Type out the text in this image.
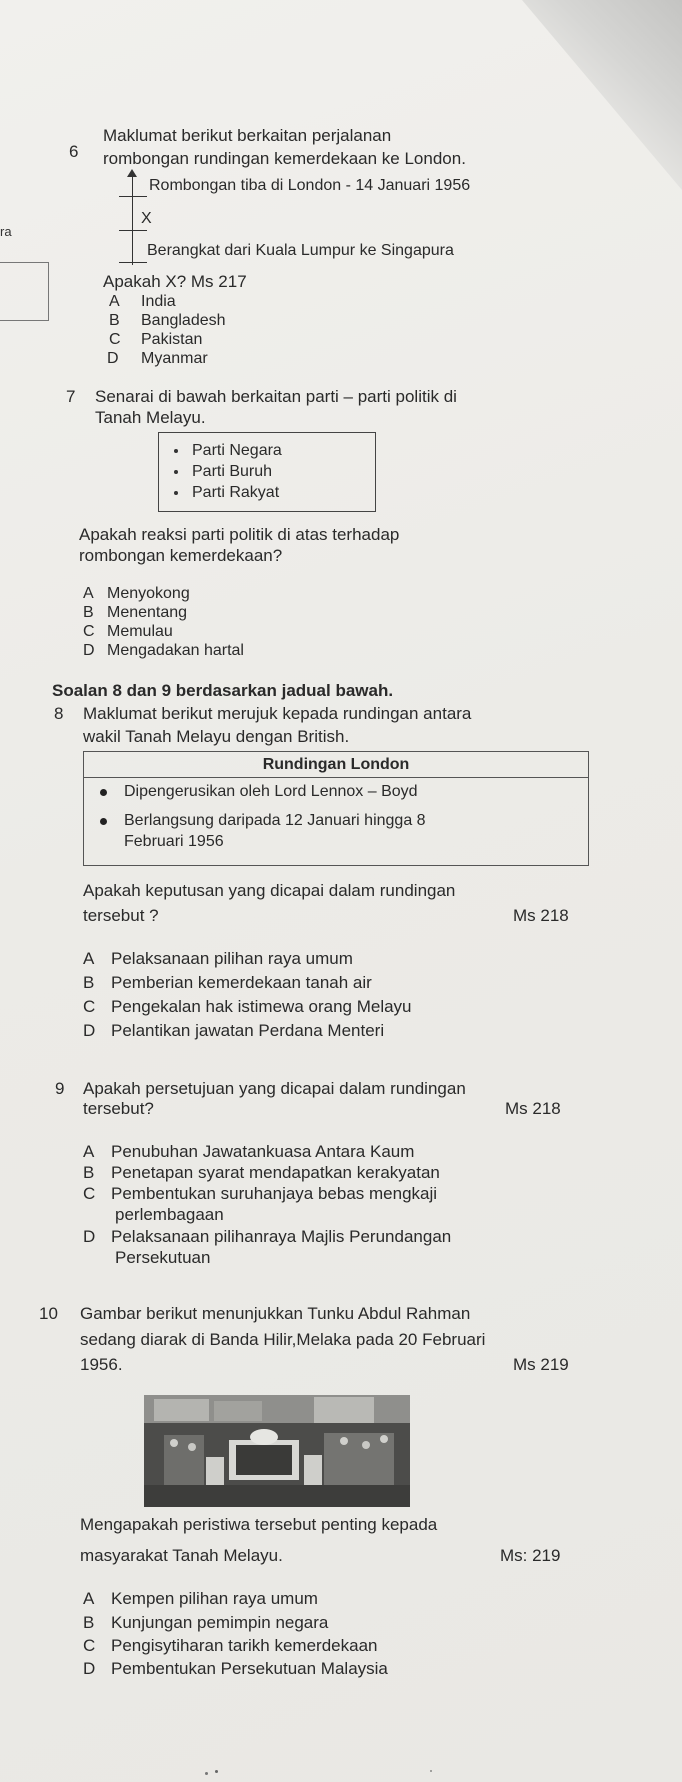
ra
6
Maklumat berikut berkaitan perjalanan
rombongan rundingan kemerdekaan ke London.
Rombongan tiba di London - 14 Januari 1956
X
Berangkat dari Kuala Lumpur ke Singapura
Apakah X? Ms 217
A India
B Bangladesh
C Pakistan
D Myanmar
7 Senarai di bawah berkaitan parti – parti politik di
Tanah Melayu.
Parti Negara
Parti Buruh
Parti Rakyat
Apakah reaksi parti politik di atas terhadap
rombongan kemerdekaan?
A Menyokong
B Menentang
C Memulau
D Mengadakan hartal
Soalan 8 dan 9 berdasarkan jadual bawah.
8 Maklumat berikut merujuk kepada rundingan antara
wakil Tanah Melayu dengan British.
Rundingan London
Dipengerusikan oleh Lord Lennox – Boyd
Berlangsung daripada 12 Januari hingga 8
Februari 1956
Apakah keputusan yang dicapai dalam rundingan
tersebut ?	Ms 218
A Pelaksanaan pilihan raya umum
B Pemberian kemerdekaan tanah air
C Pengekalan hak istimewa orang Melayu
D Pelantikan jawatan Perdana Menteri
9 Apakah persetujuan yang dicapai dalam rundingan
tersebut?	Ms 218
A Penubuhan Jawatankuasa Antara Kaum
B Penetapan syarat mendapatkan kerakyatan
C Pembentukan suruhanjaya bebas mengkaji
perlembagaan
D Pelaksanaan pilihanraya Majlis Perundangan
Persekutuan
10 Gambar berikut menunjukkan Tunku Abdul Rahman
sedang diarak di Banda Hilir,Melaka pada 20 Februari
1956.	Ms 219
Mengapakah peristiwa tersebut penting kepada
masyarakat Tanah Melayu.	Ms: 219
A Kempen pilihan raya umum
B Kunjungan pemimpin negara
C Pengisytiharan tarikh kemerdekaan
D Pembentukan Persekutuan Malaysia
